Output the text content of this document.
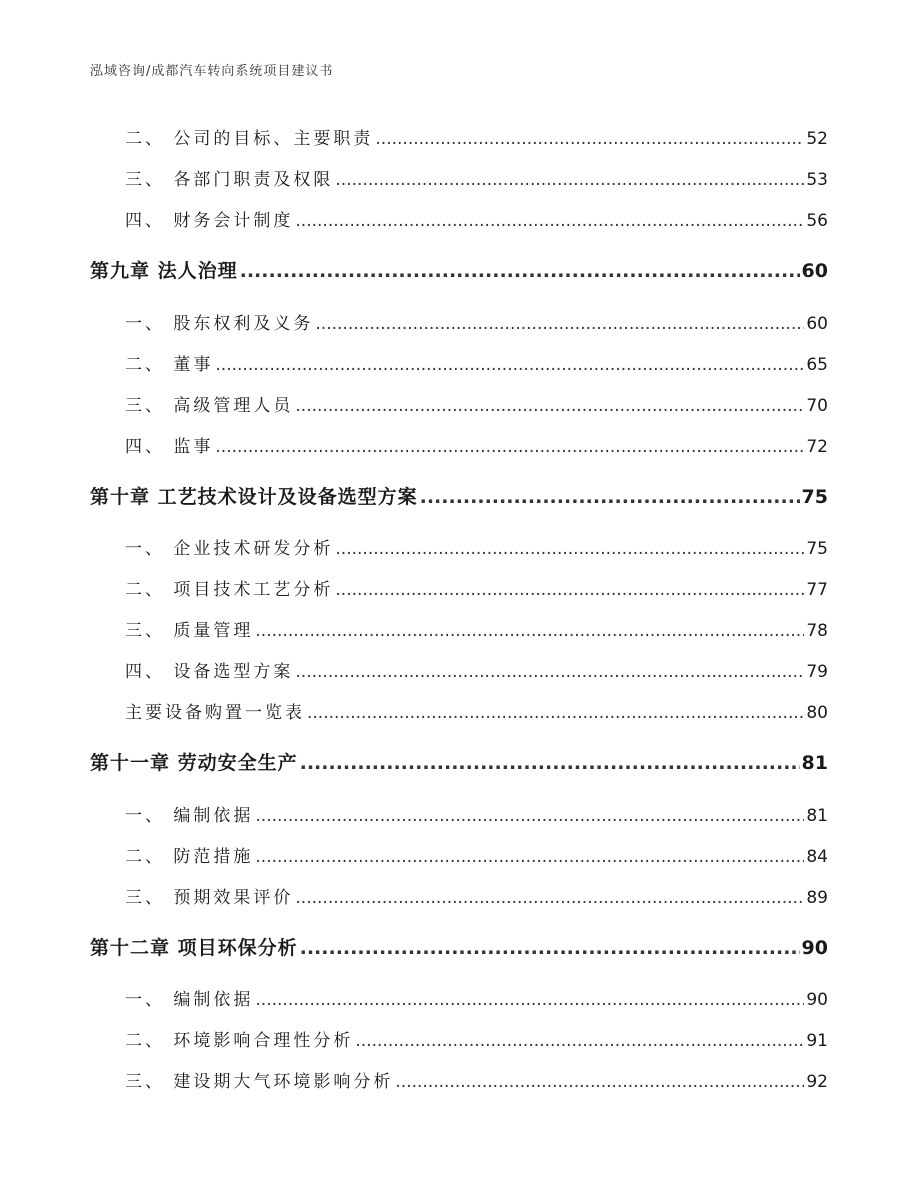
泓域咨询/成都汽车转向系统项目建议书
二、 公司的目标、主要职责 .....	52
三、 各部门职责及权限 .....	53
四、 财务会计制度 .....	56
第九章 法人治理 .....	60
一、 股东权利及义务 .....	60
二、 董事 .....	65
三、 高级管理人员 .....	70
四、 监事 .....	72
第十章 工艺技术设计及设备选型方案 .....	75
一、 企业技术研发分析 .....	75
二、 项目技术工艺分析 .....	77
三、 质量管理 .....	78
四、 设备选型方案 .....	79
主要设备购置一览表 .....	80
第十一章 劳动安全生产 .....	81
一、 编制依据 .....	81
二、 防范措施 .....	84
三、 预期效果评价 .....	89
第十二章 项目环保分析 .....	90
一、 编制依据 .....	90
二、 环境影响合理性分析 .....	91
三、 建设期大气环境影响分析 .....	92
